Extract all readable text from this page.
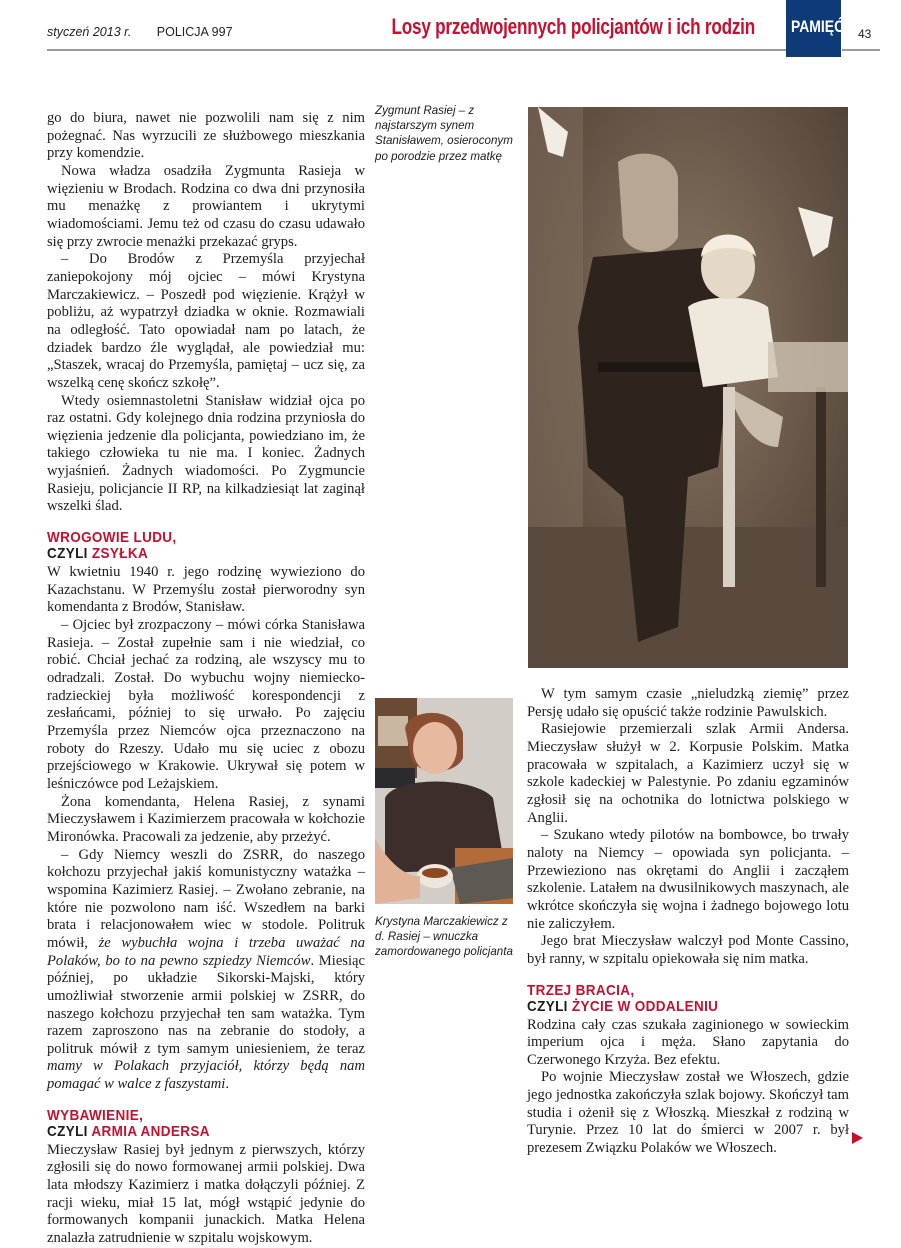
styczeń 2013 r. POLICJA 997	Losy przedwojennych policjantów i ich rodzin PAMIĘĆ 43

go do biura, nawet nie pozwolili nam się z nim pożegnać. Nas wyrzucili ze służbowego mieszkania przy komendzie.

Nowa władza osadziła Zygmunta Rasieja w więzieniu w Brodach. Rodzina co dwa dni przynosiła mu menażkę z prowiantem i ukrytymi wiadomościami. Jemu też od czasu do czasu udawało się przy zwrocie menażki przekazać gryps.

– Do Brodów z Przemyśla przyjechał zaniepokojony mój ojciec – mówi Krystyna Marczakiewicz. – Poszedł pod więzienie. Krążył w pobliżu, aż wypatrzył dziadka w oknie. Rozmawiali na odległość. Tato opowiadał nam po latach, że dziadek bardzo źle wyglądał, ale powiedział mu: „Staszek, wracaj do Przemyśla, pamiętaj – ucz się, za wszelką cenę skończ szkołę”.

Wtedy osiemnastoletni Stanisław widział ojca po raz ostatni. Gdy kolejnego dnia rodzina przyniosła do więzienia jedzenie dla policjanta, powiedziano im, że takiego człowieka tu nie ma. I koniec. Żadnych wyjaśnień. Żadnych wiadomości. Po Zygmuncie Rasieju, policjancie II RP, na kilkadziesiąt lat zaginął wszelki ślad.

WROGOWIE LUDU,
CZYLI ZSYŁKA

W kwietniu 1940 r. jego rodzinę wywieziono do Kazachstanu. W Przemyślu został pierworodny syn komendanta z Brodów, Stanisław.

– Ojciec był zrozpaczony – mówi córka Stanisława Rasieja. – Został zupełnie sam i nie wiedział, co robić. Chciał jechać za rodziną, ale wszyscy mu to odradzali. Został. Do wybuchu wojny niemiecko-radzieckiej była możliwość korespondencji z zesłańcami, później to się urwało. Po zajęciu Przemyśla przez Niemców ojca przeznaczono na roboty do Rzeszy. Udało mu się uciec z obozu przejściowego w Krakowie. Ukrywał się potem w leśniczówce pod Leżajskiem.

Żona komendanta, Helena Rasiej, z synami Mieczysławem i Kazimierzem pracowała w kołchozie Mironówka. Pracowali za jedzenie, aby przeżyć.

– Gdy Niemcy weszli do ZSRR, do naszego kołchozu przyjechał jakiś komunistyczny watażka – wspomina Kazimierz Rasiej. – Zwołano zebranie, na które nie pozwolono nam iść. Wszedłem na barki brata i relacjonowałem wiec w stodole. Politruk mówił, że wybuchła wojna i trzeba uważać na Polaków, bo to na pewno szpiedzy Niemców. Miesiąc później, po układzie Sikorski-Majski, który umożliwiał stworzenie armii polskiej w ZSRR, do naszego kołchozu przyjechał ten sam watażka. Tym razem zaproszono nas na zebranie do stodoły, a politruk mówił z tym samym uniesieniem, że teraz mamy w Polakach przyjaciół, którzy będą nam pomagać w walce z faszystami.

WYBAWIENIE,
CZYLI ARMIA ANDERSA

Mieczysław Rasiej był jednym z pierwszych, którzy zgłosili się do nowo formowanej armii polskiej. Dwa lata młodszy Kazimierz i matka dołączyli później. Z racji wieku, miał 15 lat, mógł wstąpić jedynie do formowanych kompanii junackich. Matka Helena znalazła zatrudnienie w szpitalu wojskowym.

Zygmunt Rasiej – z najstarszym synem Stanisławem, osieroconym po porodzie przez matkę
Krystyna Marczakiewicz z d. Rasiej – wnuczka zamordowanego policjanta

W tym samym czasie „nieludzką ziemię” przez Persję udało się opuścić także rodzinie Pawulskich.

Rasiejowie przemierzali szlak Armii Andersa. Mieczysław służył w 2. Korpusie Polskim. Matka pracowała w szpitalach, a Kazimierz uczył się w szkole kadeckiej w Palestynie. Po zdaniu egzaminów zgłosił się na ochotnika do lotnictwa polskiego w Anglii.

– Szukano wtedy pilotów na bombowce, bo trwały naloty na Niemcy – opowiada syn policjanta. – Przewieziono nas okrętami do Anglii i zacząłem szkolenie. Latałem na dwusilnikowych maszynach, ale wkrótce skończyła się wojna i żadnego bojowego lotu nie zaliczyłem.

Jego brat Mieczysław walczył pod Monte Cassino, był ranny, w szpitalu opiekowała się nim matka.

TRZEJ BRACIA,
CZYLI ŻYCIE W ODDALENIU

Rodzina cały czas szukała zaginionego w sowieckim imperium ojca i męża. Słano zapytania do Czerwonego Krzyża. Bez efektu.

Po wojnie Mieczysław został we Włoszech, gdzie jego jednostka zakończyła szlak bojowy. Skończył tam studia i ożenił się z Włoszką. Mieszkał z rodziną w Turynie. Przez 10 lat do śmierci w 2007 r. był prezesem Związku Polaków we Włoszech.
